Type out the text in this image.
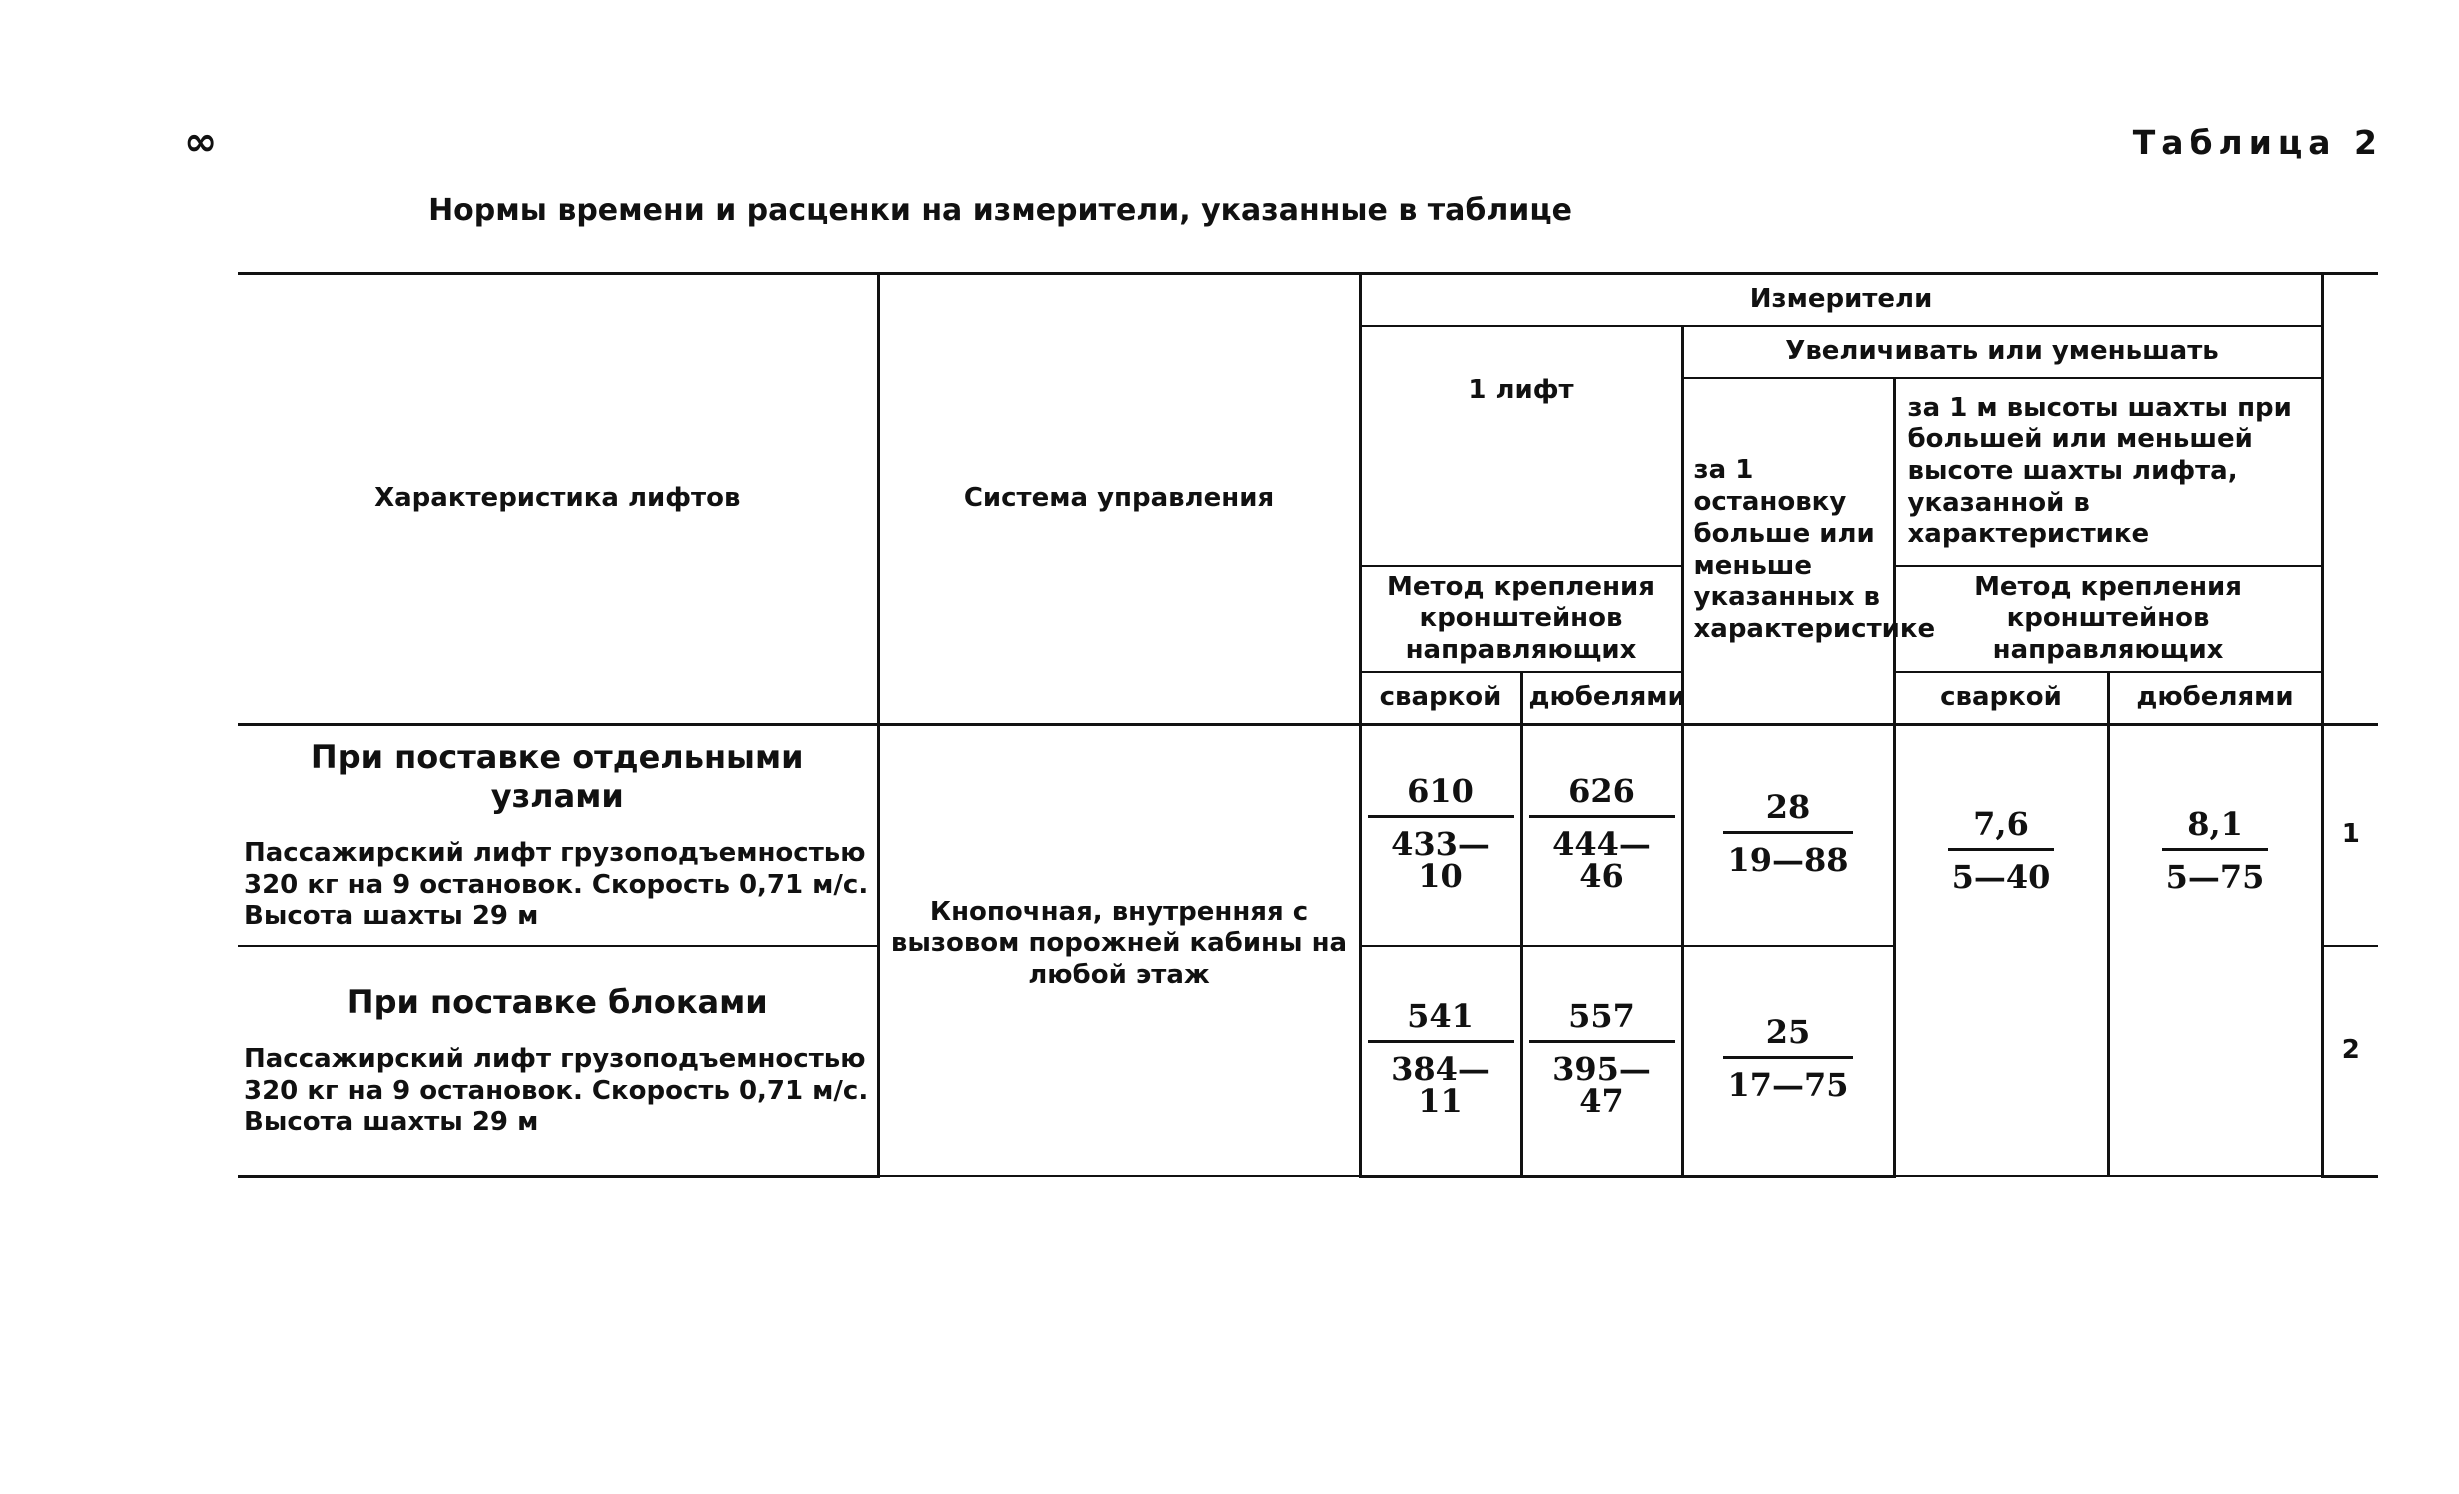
∞	Таблица 2
Нормы времени и расценки на измерители, указанные в таблице
Характеристика лифтов	Система управления	Измерители					
		1 лифт		Увеличивать или уменьшать			
				за 1 остановку больше или меньше указанных в характеристике	за 1 м высоты шахты при большей или меньшей высоте шахты лифта, указанной в характеристике		
		Метод крепления кронштейнов направляющих			Метод крепления кронштейнов направляющих		
		сваркой	дюбелями		сваркой	дюбелями	

При поставке отдельными узлами
Пассажирский лифт грузоподъемностью 320 кг на 9 остановок. Скорость 0,71 м/с. Высота шахты 29 м	Кнопочная, внутренняя с вызовом порожней кабины на любой этаж	$\frac{610}{433—10}$	$\frac{626}{444—46}$	$\frac{28}{19—88}$	$\frac{7,6}{5—40}$	$\frac{8,1}{5—75}$	1

При поставке блоками
Пассажирский лифт грузоподъемностью 320 кг на 9 остановок. Скорость 0,71 м/с. Высота шахты 29 м		$\frac{541}{384—11}$	$\frac{557}{395—47}$	$\frac{25}{17—75}$			2
